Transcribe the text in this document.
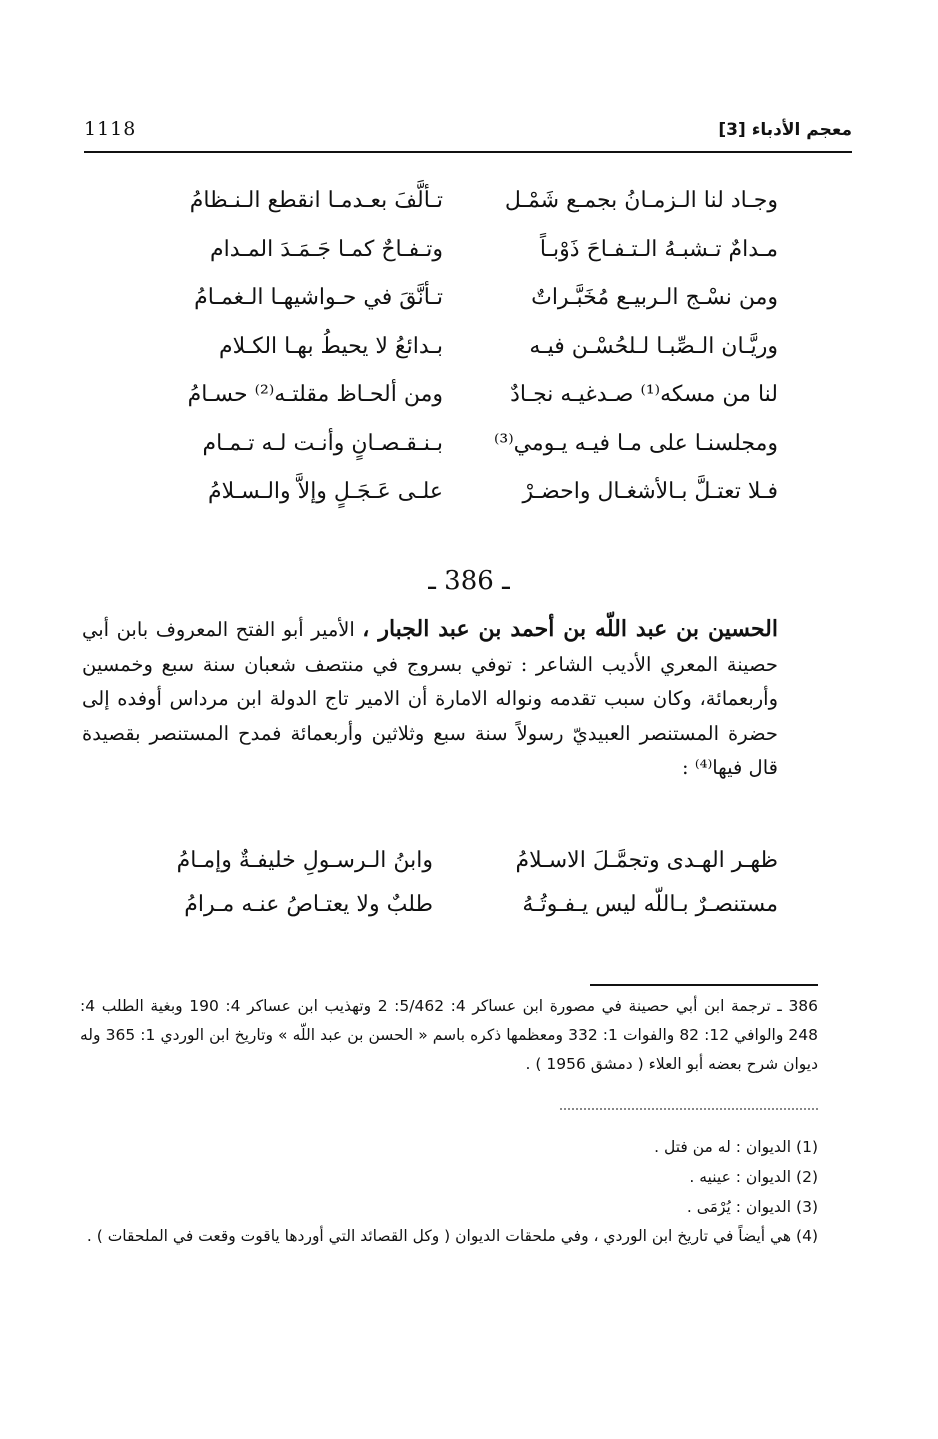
معجم الأدباء [3]
1118
وجـاد لنا الـزمـانُ بجمـع شَمْـل
تـألَّفَ بعـدمـا انقطع الـنـظامُ
مـدامٌ تـشبـهُ الـتـفـاحَ ذَوْبـاً
وتـفـاحٌ كمـا جَـمَـدَ المـدام
ومن نسْـج الـربيـع مُخَبَّـراتٌ
تـأنَّقَ في حـواشيهـا الـغمـامُ
وريَّـان الـصِّبـا لـلحُسْـن فيـه
بـدائعُ لا يحيطُ بهـا الكـلام
لنا من مسكه⁽¹⁾ صـدغيـه نجـادٌ
ومن ألحـاظ مقلتـه⁽²⁾ حسـامُ
ومجلسنـا على مـا فيـه يـومي⁽³⁾
بـنـقـصـانٍ وأنـت لـه تـمـام
فـلا تعتـلَّ بـالأشغـال واحضـرْ
علـى عَـجَـلٍ وإلاَّ والـسـلامُ
ـ 386 ـ
الحسين بن عبد اللّه بن أحمد بن عبد الجبار ، الأمير أبو الفتح المعروف بابن أبي حصينة المعري الأديب الشاعر : توفي بسروج في منتصف شعبان سنة سبع وخمسين وأربعمائة، وكان سبب تقدمه ونواله الامارة أن الامير تاج الدولة ابن مرداس أوفده إلى حضرة المستنصر العبيديّ رسولاً سنة سبع وثلاثين وأربعمائة فمدح المستنصر بقصيدة قال فيها⁽⁴⁾ :
ظهـر الهـدى وتجمَّـلَ الاسـلامُ
وابنُ الـرسـولِ خليفـةٌ وإمـامُ
مستنصـرٌ بـاللّه ليس يـفـوتُـهُ
طلبٌ ولا يعتـاصُ عنـه مـرامُ
386 ـ ترجمة ابن أبي حصينة في مصورة ابن عساكر 4: 5/462: 2 وتهذيب ابن عساكر 4: 190 وبغية الطلب 4: 248 والوافي 12: 82 والفوات 1: 332 ومعظمها ذكره باسم « الحسن بن عبد اللّه » وتاريخ ابن الوردي 1: 365 وله ديوان شرح بعضه أبو العلاء ( دمشق 1956 ) .
(1) الديوان : له من فتل .
(2) الديوان : عينيه .
(3) الديوان : يُرْمَى .
(4) هي أيضاً في تاريخ ابن الوردي ، وفي ملحقات الديوان ( وكل القصائد التي أوردها ياقوت وقعت في الملحقات ) .
